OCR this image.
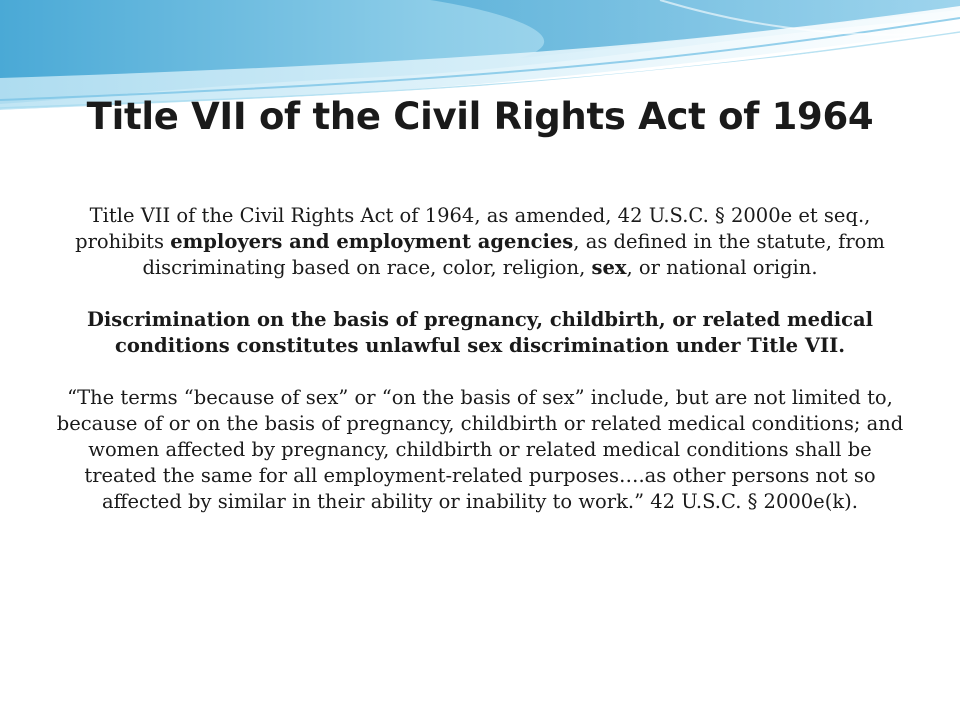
Title VII of the Civil Rights Act of 1964

Title VII of the Civil Rights Act of 1964, as amended, 42 U.S.C. § 2000e et seq., prohibits employers and employment agencies, as defined in the statute, from discriminating based on race, color, religion, sex, or national origin.

Discrimination on the basis of pregnancy, childbirth, or related medical conditions constitutes unlawful sex discrimination under Title VII.

“The terms “because of sex” or “on the basis of sex” include, but are not limited to, because of or on the basis of pregnancy, childbirth or related medical conditions; and women affected by pregnancy, childbirth or related medical conditions shall be treated the same for all employment-related purposes….as other persons not so affected by similar in their ability or inability to work.” 42 U.S.C. § 2000e(k).
